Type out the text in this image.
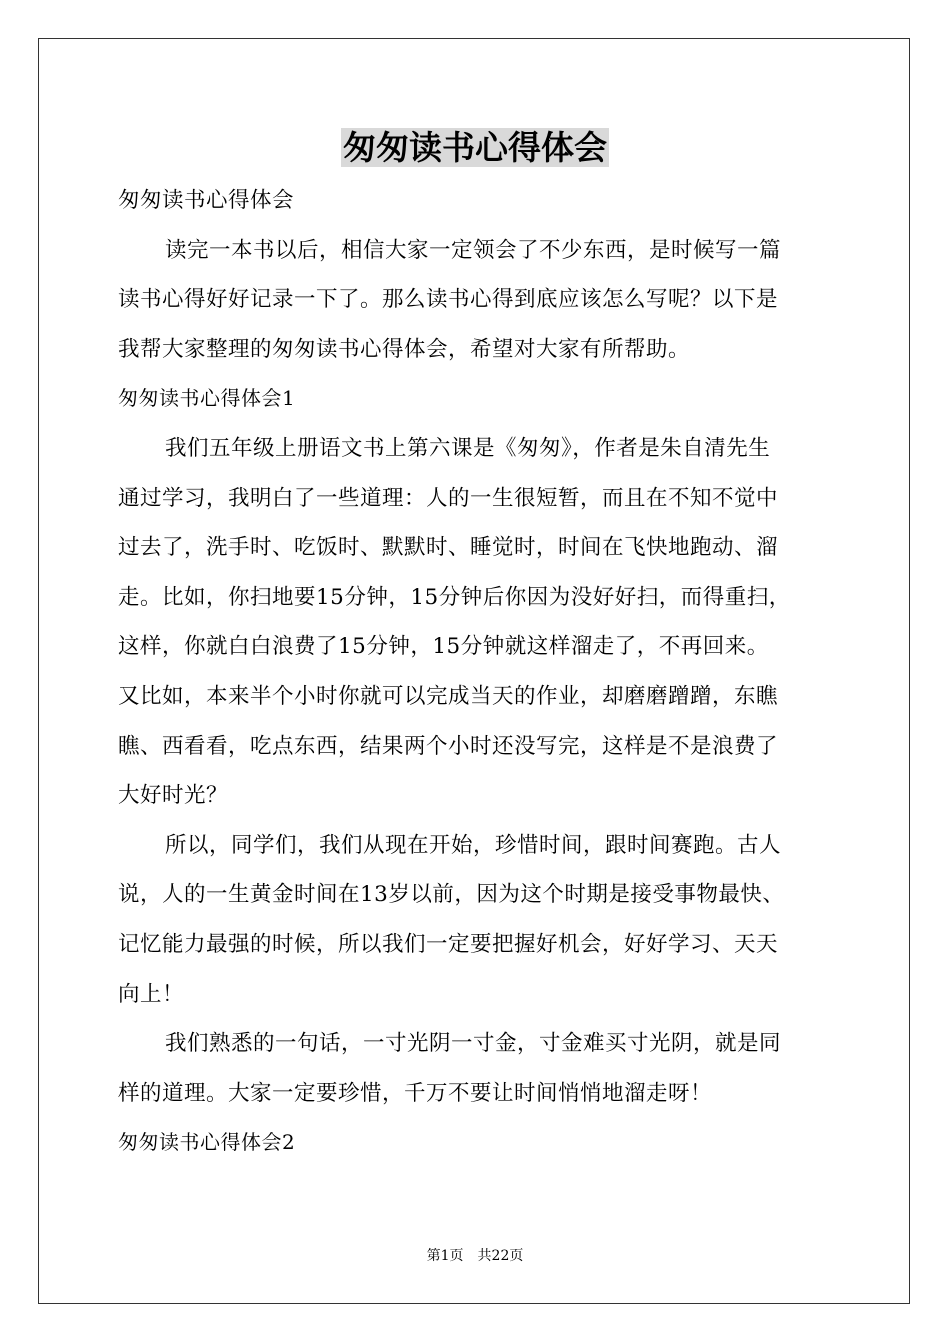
匆匆读书心得体会
匆匆读书心得体会
读完一本书以后，相信大家一定领会了不少东西，是时候写一篇
读书心得好好记录一下了。那么读书心得到底应该怎么写呢？以下是
我帮大家整理的匆匆读书心得体会，希望对大家有所帮助。
匆匆读书心得体会1
我们五年级上册语文书上第六课是《匆匆》，作者是朱自清先生
通过学习，我明白了一些道理：人的一生很短暂，而且在不知不觉中
过去了，洗手时、吃饭时、默默时、睡觉时，时间在飞快地跑动、溜
走。比如，你扫地要15分钟，15分钟后你因为没好好扫，而得重扫，
这样，你就白白浪费了15分钟，15分钟就这样溜走了，不再回来。
又比如，本来半个小时你就可以完成当天的作业，却磨磨蹭蹭，东瞧
瞧、西看看，吃点东西，结果两个小时还没写完，这样是不是浪费了
大好时光？
所以，同学们，我们从现在开始，珍惜时间，跟时间赛跑。古人
说，人的一生黄金时间在13岁以前，因为这个时期是接受事物最快、
记忆能力最强的时候，所以我们一定要把握好机会，好好学习、天天
向上！
我们熟悉的一句话，一寸光阴一寸金，寸金难买寸光阴，就是同
样的道理。大家一定要珍惜，千万不要让时间悄悄地溜走呀！
匆匆读书心得体会2
第1页 共22页
